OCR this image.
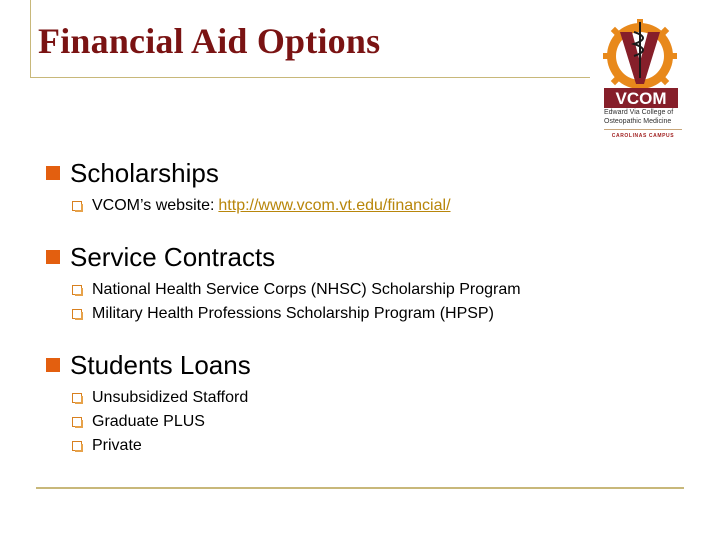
Financial Aid Options
VCOM
Edward Via College of
Osteopathic Medicine
CAROLINAS CAMPUS
Scholarships
VCOM’s website: http://www.vcom.vt.edu/financial/
Service Contracts
National Health Service Corps (NHSC) Scholarship Program
Military Health Professions Scholarship Program (HPSP)
Students Loans
Unsubsidized Stafford
Graduate PLUS
Private
